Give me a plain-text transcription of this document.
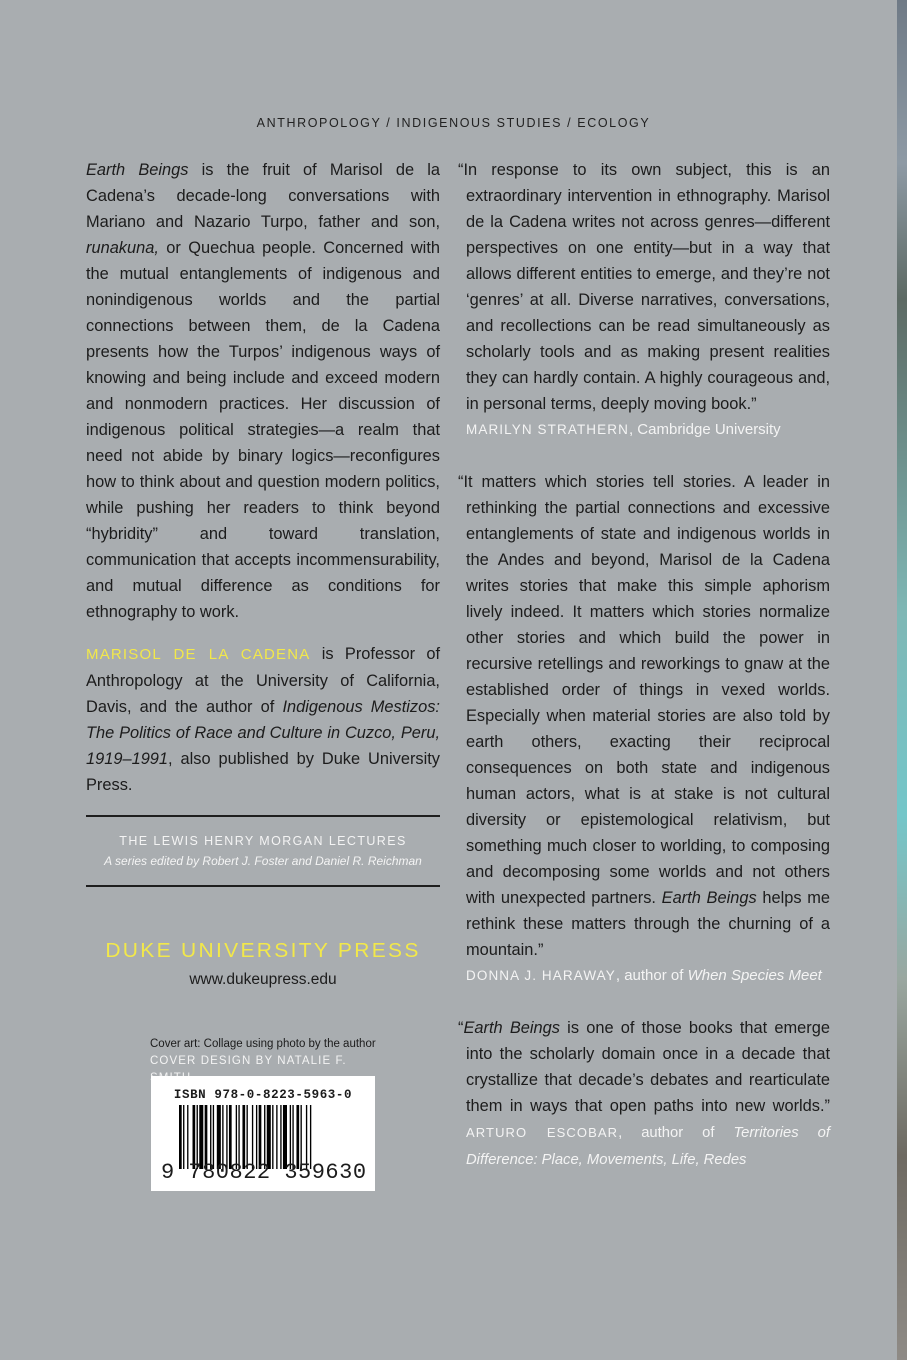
ANTHROPOLOGY / INDIGENOUS STUDIES / ECOLOGY

Earth Beings is the fruit of Marisol de la Cadena’s decade-long conversations with Mariano and Nazario Turpo, father and son, runakuna, or Quechua people. Concerned with the mutual entanglements of indigenous and nonindigenous worlds and the partial connections between them, de la Cadena presents how the Turpos’ indigenous ways of knowing and being include and exceed modern and nonmodern practices. Her discussion of indigenous political strategies—a realm that need not abide by binary logics—reconfigures how to think about and question modern politics, while pushing her readers to think beyond “hybridity” and toward translation, communication that accepts incommensurability, and mutual difference as conditions for ethnography to work.

MARISOL DE LA CADENA is Professor of Anthropology at the University of California, Davis, and the author of Indigenous Mestizos: The Politics of Race and Culture in Cuzco, Peru, 1919–1991, also published by Duke University Press.

THE LEWIS HENRY MORGAN LECTURES
A series edited by Robert J. Foster and Daniel R. Reichman
DUKE UNIVERSITY PRESS
www.dukeupress.edu
Cover art: Collage using photo by the author
COVER DESIGN BY NATALIE F.
ISBN 978-0-8223-5963-0
9 780822 359630

“In response to its own subject, this is an extraordinary intervention in ethnography. Marisol de la Cadena writes not across genres—different perspectives on one entity—but in a way that allows different entities to emerge, and they’re not ‘genres’ at all. Diverse narratives, conversations, and recollections can be read simultaneously as scholarly tools and as making present realities they can hardly contain. A highly courageous and, in personal terms, deeply moving book.”

MARILYN STRATHERN, Cambridge University

“It matters which stories tell stories. A leader in rethinking the partial connections and excessive entanglements of state and indigenous worlds in the Andes and beyond, Marisol de la Cadena writes stories that make this simple aphorism lively indeed. It matters which stories normalize other stories and which build the power in recursive retellings and reworkings to gnaw at the established order of things in vexed worlds. Especially when material stories are also told by earth others, exacting their reciprocal consequences on both state and indigenous human actors, what is at stake is not cultural diversity or epistemological relativism, but something much closer to worlding, to composing and decomposing some worlds and not others with unexpected partners. Earth Beings helps me rethink these matters through the churning of a mountain.”

DONNA J. HARAWAY, author of When Species Meet

“Earth Beings is one of those books that emerge into the scholarly domain once in a decade that crystallize that decade’s debates and rearticulate them in ways that open paths into new worlds.” ARTURO ESCOBAR, author of Territories of Difference: Place, Movements, Life, Redes
